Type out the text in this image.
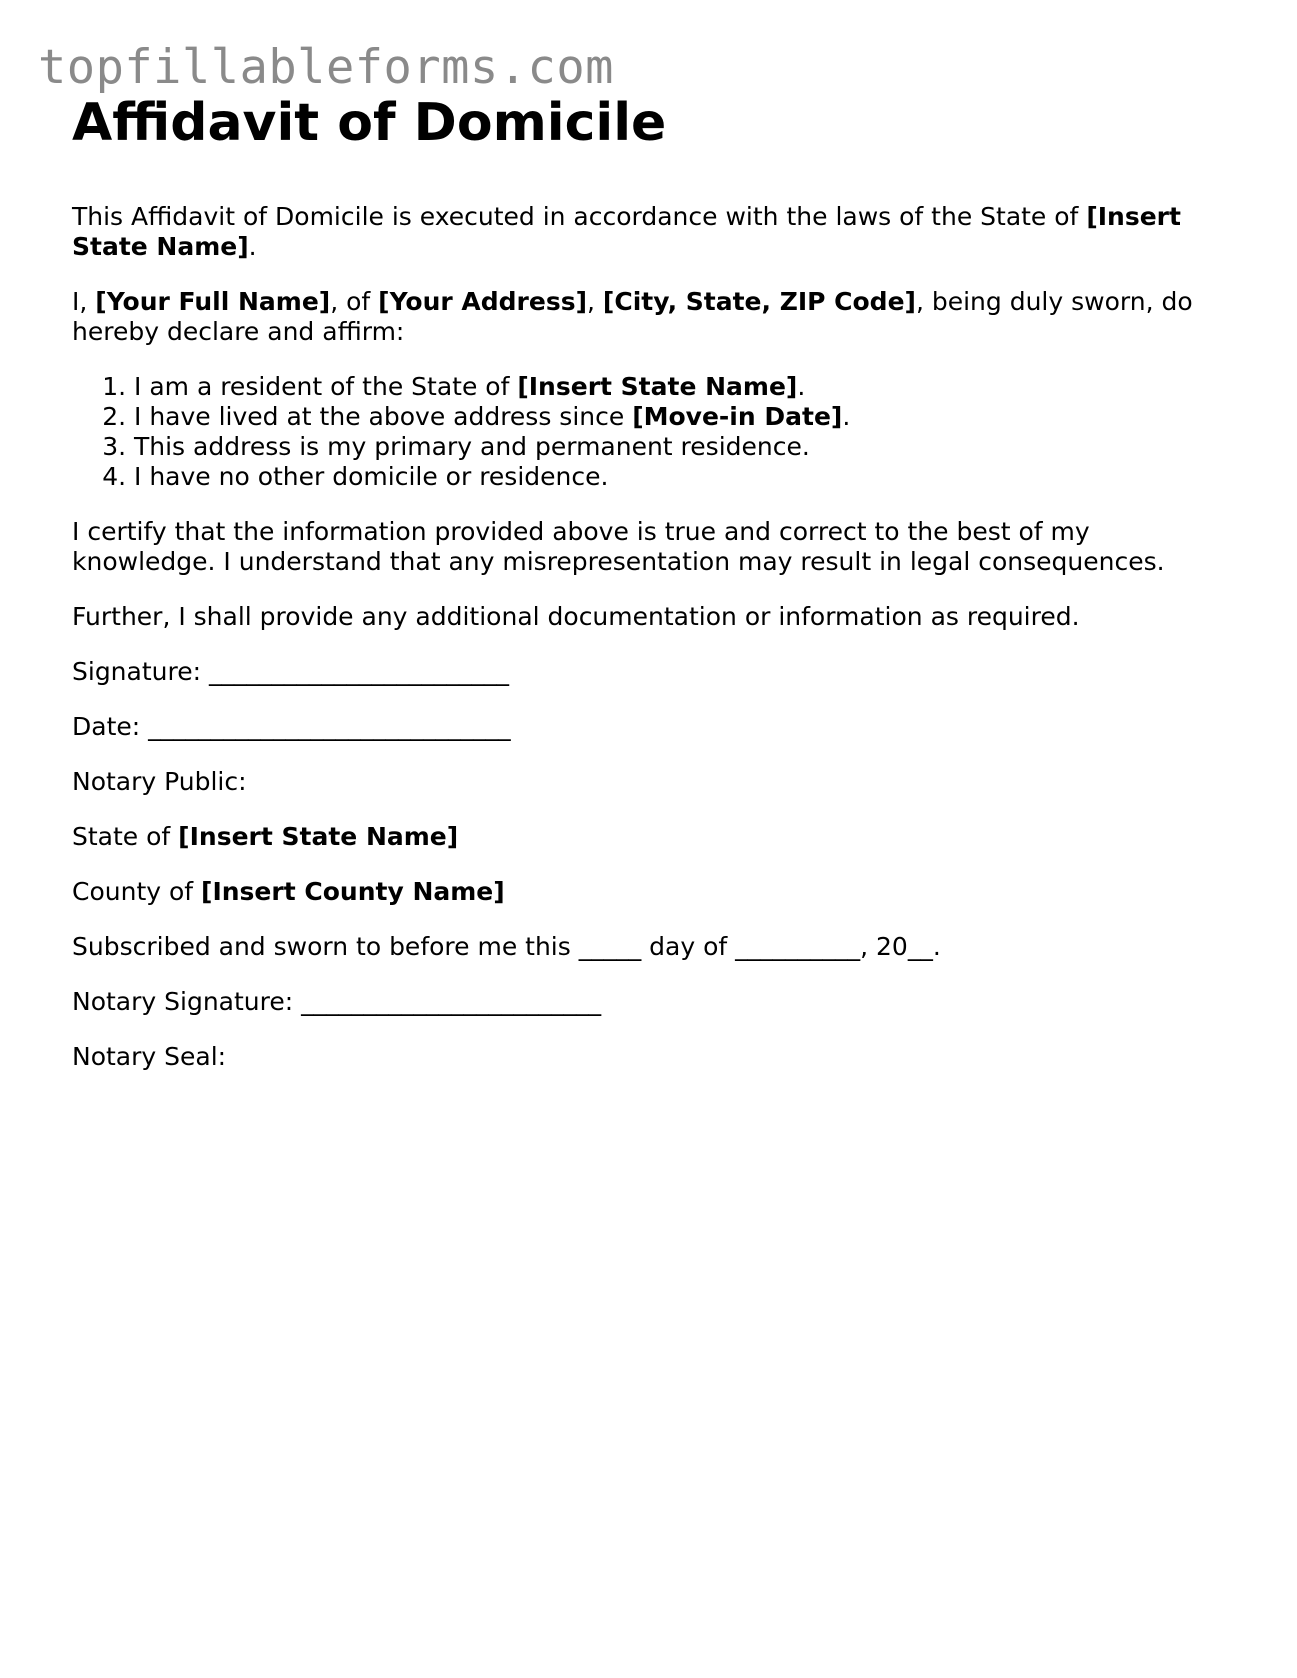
topfillableforms.com
Affidavit of Domicile

This Affidavit of Domicile is executed in accordance with the laws of the State of [Insert State Name].

I, [Your Full Name], of [Your Address], [City, State, ZIP Code], being duly sworn, do hereby declare and affirm:

1. I am a resident of the State of [Insert State Name].
2. I have lived at the above address since [Move-in Date].
3. This address is my primary and permanent residence.
4. I have no other domicile or residence.

I certify that the information provided above is true and correct to the best of my knowledge. I understand that any misrepresentation may result in legal consequences.

Further, I shall provide any additional documentation or information as required.

Signature: ________________________

Date: _____________________________

Notary Public:

State of [Insert State Name]

County of [Insert County Name]

Subscribed and sworn to before me this _____ day of __________, 20__.

Notary Signature: ________________________

Notary Seal:
